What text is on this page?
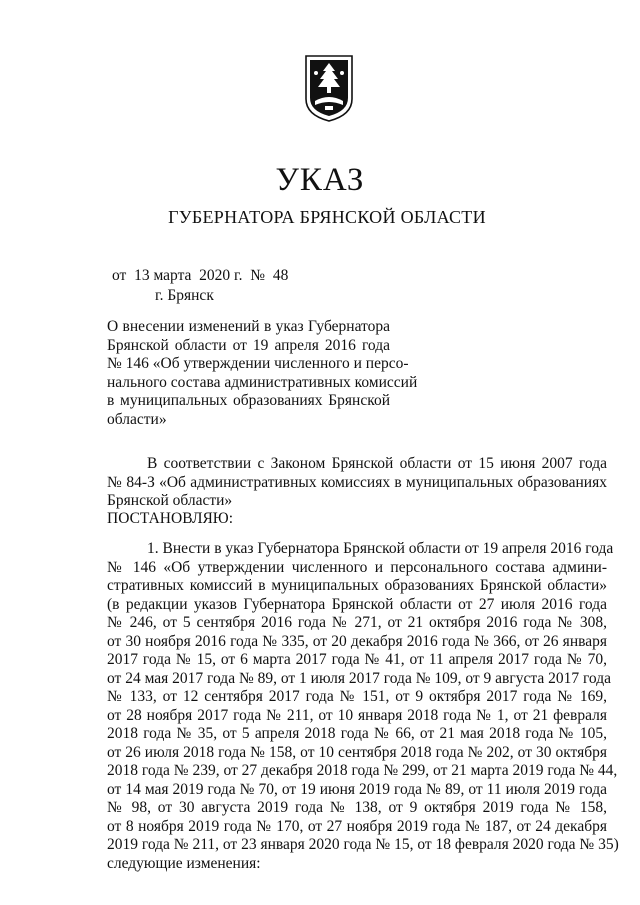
УКАЗ
ГУБЕРНАТОРА БРЯНСКОЙ ОБЛАСТИ
от  13 марта  2020 г.  №  48
г. Брянск
О внесении изменений в указ Губернатора
Брянской области от 19 апреля 2016 года
№ 146 «Об утверждении численного и персо-
нального состава административных комиссий
в муниципальных образованиях Брянской
области»
В соответствии с Законом Брянской области от 15 июня 2007 года
№ 84-З «Об административных комиссиях в муниципальных образованиях
Брянской области»
ПОСТАНОВЛЯЮ:
1. Внести в указ Губернатора Брянской области от 19 апреля 2016 года
№ 146 «Об утверждении численного и персонального состава админи-
стративных комиссий в муниципальных образованиях Брянской области»
(в редакции указов Губернатора Брянской области от 27 июля 2016 года
№ 246, от 5 сентября 2016 года № 271, от 21 октября 2016 года № 308,
от 30 ноября 2016 года № 335, от 20 декабря 2016 года № 366, от 26 января
2017 года № 15, от 6 марта 2017 года № 41, от 11 апреля 2017 года № 70,
от 24 мая 2017 года № 89, от 1 июля 2017 года № 109, от 9 августа 2017 года
№ 133, от 12 сентября 2017 года № 151, от 9 октября 2017 года № 169,
от 28 ноября 2017 года № 211, от 10 января 2018 года № 1, от 21 февраля
2018 года № 35, от 5 апреля 2018 года № 66, от 21 мая 2018 года № 105,
от 26 июля 2018 года № 158, от 10 сентября 2018 года № 202, от 30 октября
2018 года № 239, от 27 декабря 2018 года № 299, от 21 марта 2019 года № 44,
от 14 мая 2019 года № 70, от 19 июня 2019 года № 89, от 11 июля 2019 года
№ 98, от 30 августа 2019 года № 138, от 9 октября 2019 года № 158,
от 8 ноября 2019 года № 170, от 27 ноября 2019 года № 187, от 24 декабря
2019 года № 211, от 23 января 2020 года № 15, от 18 февраля 2020 года № 35)
следующие изменения:
